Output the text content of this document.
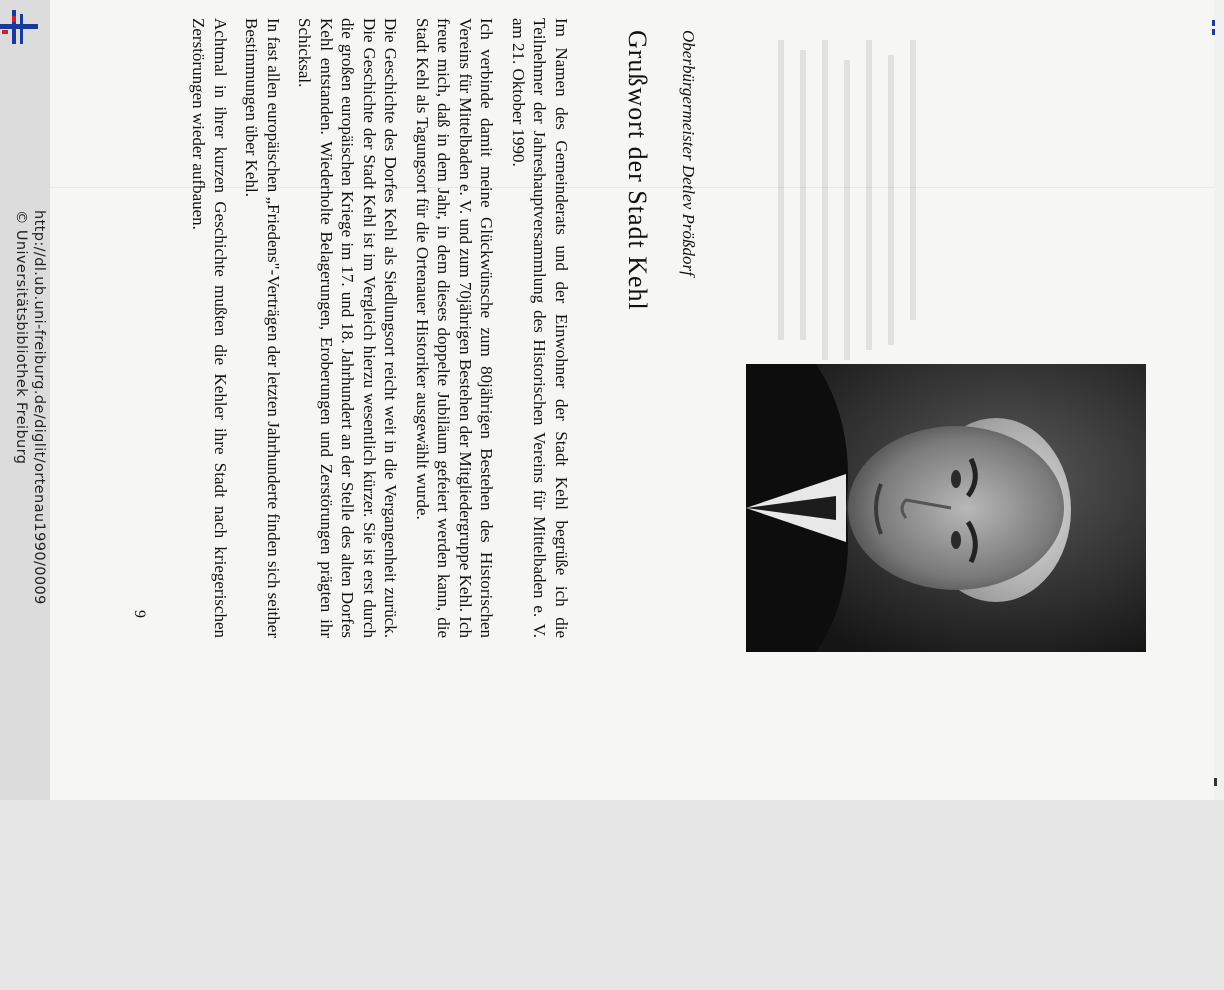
http://dl.ub.uni-freiburg.de/diglit/ortenau1990/0009
© Universitätsbibliothek Freiburg
Oberbürgermeister Detlev Prößdorf
Grußwort der Stadt Kehl

Im Namen des Gemeinderats und der Einwohner der Stadt Kehl begrüße ich die Teilnehmer der Jahreshauptversammlung des Historischen Vereins für Mittelbaden e. V. am 21. Oktober 1990.

Ich verbinde damit meine Glückwünsche zum 80jährigen Bestehen des Historischen Vereins für Mittelbaden e. V. und zum 70jährigen Bestehen der Mitgliedergruppe Kehl. Ich freue mich, daß in dem Jahr, in dem dieses doppelte Jubiläum gefeiert werden kann, die Stadt Kehl als Tagungsort für die Ortenauer Historiker ausgewählt wurde.

Die Geschichte des Dorfes Kehl als Siedlungsort reicht weit in die Vergangenheit zurück. Die Geschichte der Stadt Kehl ist im Vergleich hierzu wesentlich kürzer. Sie ist erst durch die großen europäischen Kriege im 17. und 18. Jahrhundert an der Stelle des alten Dorfes Kehl entstanden. Wiederholte Belagerungen, Eroberungen und Zerstörungen prägten ihr Schicksal.

In fast allen europäischen „Friedens"-Verträgen der letzten Jahrhunderte finden sich seither Bestimmungen über Kehl.

Achtmal in ihrer kurzen Geschichte mußten die Kehler ihre Stadt nach kriegerischen Zerstörungen wieder aufbauen.

9
